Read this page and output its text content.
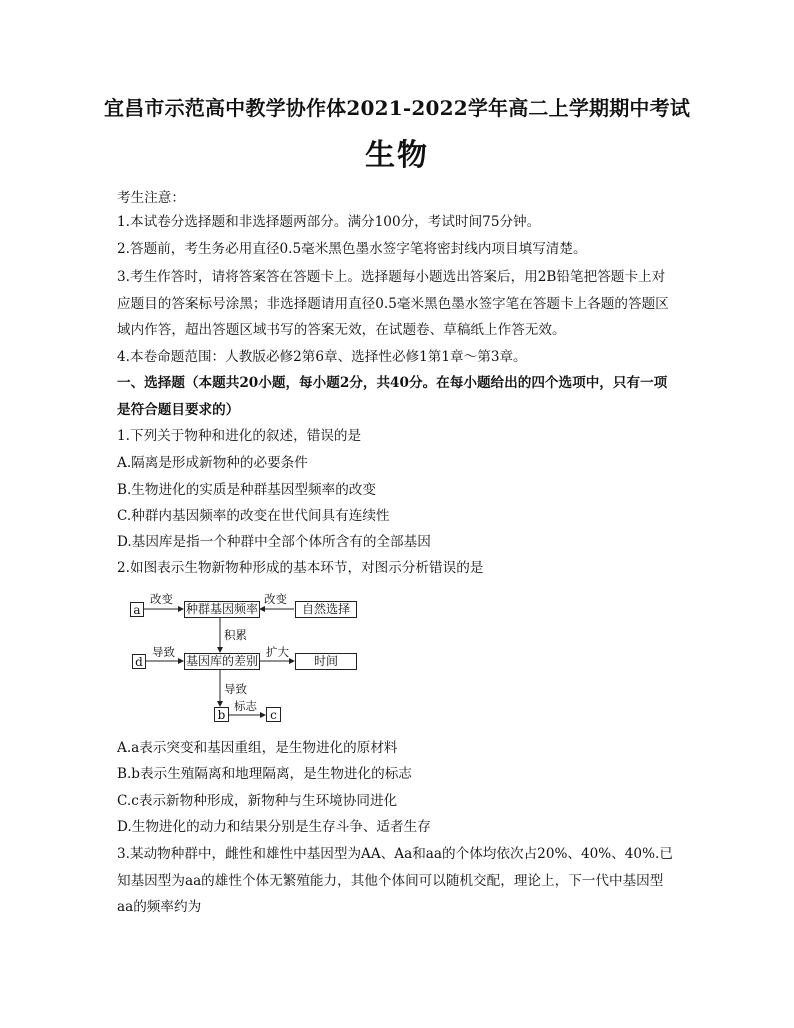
宜昌市示范高中教学协作体2021-2022学年高二上学期期中考试
生物
考生注意：
1.本试卷分选择题和非选择题两部分。满分100分，考试时间75分钟。
2.答题前，考生务必用直径0.5毫米黑色墨水签字笔将密封线内项目填写清楚。
3.考生作答时，请将答案答在答题卡上。选择题每小题选出答案后，用2B铅笔把答题卡上对
应题目的答案标号涂黑；非选择题请用直径0.5毫米黑色墨水签字笔在答题卡上各题的答题区
域内作答，超出答题区域书写的答案无效，在试题卷、草稿纸上作答无效。
4.本卷命题范围：人教版必修2第6章、选择性必修1第1章～第3章。
一、选择题（本题共20小题，每小题2分，共40分。在每小题给出的四个选项中，只有一项
是符合题目要求的）
1.下列关于物种和进化的叙述，错误的是
A.隔离是形成新物种的必要条件
B.生物进化的实质是种群基因型频率的改变
C.种群内基因频率的改变在世代间具有连续性
D.基因库是指一个种群中全部个体所含有的全部基因
2.如图表示生物新物种形成的基本环节，对图示分析错误的是
a	种群基因频率	自然选择
d	基因库的差别	时间
b	c
改变	改变
积累
导致	扩大
导致
标志
A.a表示突变和基因重组，是生物进化的原材料
B.b表示生殖隔离和地理隔离，是生物进化的标志
C.c表示新物种形成，新物种与生环境协同进化
D.生物进化的动力和结果分别是生存斗争、适者生存
3.某动物种群中，雌性和雄性中基因型为AA、Aa和aa的个体均依次占20%、40%、40%.已
知基因型为aa的雄性个体无繁殖能力，其他个体间可以随机交配，理论上，下一代中基因型
aa的频率约为
